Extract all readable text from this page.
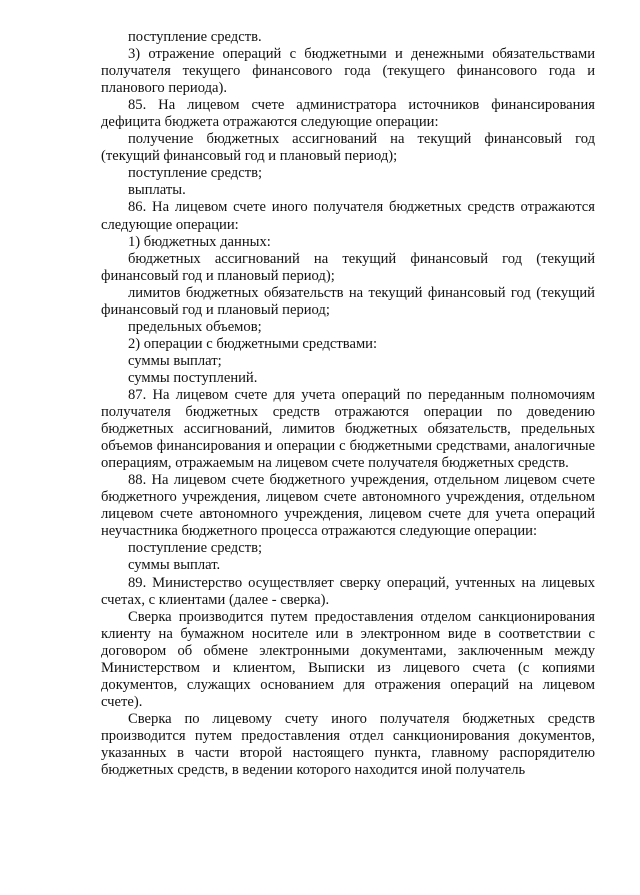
поступление средств.

3) отражение операций с бюджетными и денежными обязательствами получателя текущего финансового года (текущего финансового года и планового периода).

85. На лицевом счете администратора источников финансирования дефицита бюджета отражаются следующие операции:

получение бюджетных ассигнований на текущий финансовый год (текущий финансовый год и плановый период);

поступление средств;

выплаты.

86. На лицевом счете иного получателя бюджетных средств отражаются следующие операции:

1) бюджетных данных:

бюджетных ассигнований на текущий финансовый год (текущий финансовый год и плановый период);

лимитов бюджетных обязательств на текущий финансовый год (текущий финансовый год и плановый период;

предельных объемов;

2) операции с бюджетными средствами:

суммы выплат;

суммы поступлений.

87. На лицевом счете для учета операций по переданным полномочиям получателя бюджетных средств отражаются операции по доведению бюджетных ассигнований, лимитов бюджетных обязательств, предельных объемов финансирования и операции с бюджетными средствами, аналогичные операциям, отражаемым на лицевом счете получателя бюджетных средств.

88. На лицевом счете бюджетного учреждения, отдельном лицевом счете бюджетного учреждения, лицевом счете автономного учреждения, отдельном лицевом счете автономного учреждения, лицевом счете для учета операций неучастника бюджетного процесса отражаются следующие операции:

поступление средств;

суммы выплат.

89. Министерство осуществляет сверку операций, учтенных на лицевых счетах, с клиентами (далее - сверка).

Сверка производится путем предоставления отделом санкционирования клиенту на бумажном носителе или в электронном виде в соответствии с договором об обмене электронными документами, заключенным между Министерством и клиентом, Выписки из лицевого счета (с копиями документов, служащих основанием для отражения операций на лицевом счете).

Сверка по лицевому счету иного получателя бюджетных средств производится путем предоставления отдел санкционирования документов, указанных в части второй настоящего пункта, главному распорядителю бюджетных средств, в ведении которого находится иной получатель
